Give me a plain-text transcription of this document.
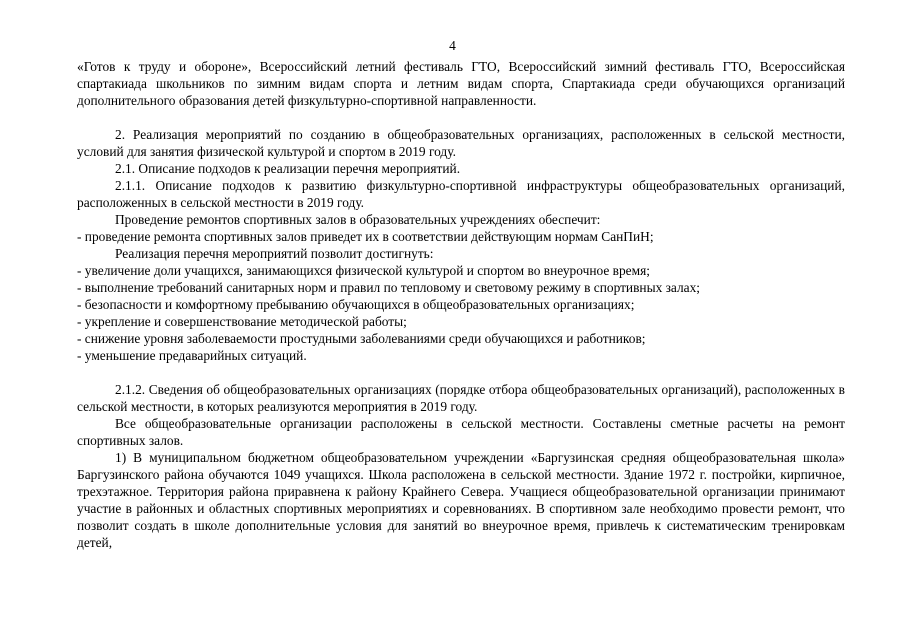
4

«Готов к труду и обороне», Всероссийский летний фестиваль ГТО, Всероссийский зимний фестиваль ГТО, Всероссийская спартакиада школьников по зимним видам спорта и летним видам спорта, Спартакиада среди обучающихся организаций дополнительного образования детей физкультурно-спортивной направленности.

2. Реализация мероприятий по созданию в общеобразовательных организациях, расположенных в сельской местности, условий для занятия физической культурой и спортом в 2019 году.

2.1. Описание подходов к реализации перечня мероприятий.

2.1.1. Описание подходов к развитию физкультурно-спортивной инфраструктуры общеобразовательных организаций, расположенных в сельской местности в 2019 году.

Проведение ремонтов спортивных залов в образовательных учреждениях обеспечит:

- проведение ремонта спортивных залов приведет их в соответствии действующим нормам СанПиН;

Реализация перечня мероприятий позволит достигнуть:

- увеличение доли учащихся, занимающихся физической культурой и спортом во внеурочное время;

- выполнение требований санитарных норм и правил по тепловому и световому режиму в спортивных залах;

- безопасности и комфортному пребыванию обучающихся в общеобразовательных организациях;

- укрепление и совершенствование методической работы;

- снижение уровня заболеваемости простудными заболеваниями среди обучающихся и работников;

- уменьшение предаварийных ситуаций.

2.1.2. Сведения об общеобразовательных организациях (порядке отбора общеобразовательных организаций), расположенных в сельской местности, в которых реализуются мероприятия в 2019 году.

Все общеобразовательные организации расположены в сельской местности. Составлены сметные расчеты на ремонт спортивных залов.

1) В муниципальном бюджетном общеобразовательном учреждении «Баргузинская средняя общеобразовательная школа» Баргузинского района обучаются 1049 учащихся. Школа расположена в сельской местности. Здание 1972 г. постройки, кирпичное, трехэтажное. Территория района приравнена к району Крайнего Севера. Учащиеся общеобразовательной организации принимают участие в районных и областных спортивных мероприятиях и соревнованиях. В спортивном зале необходимо провести ремонт, что позволит создать в школе дополнительные условия для занятий во внеурочное время, привлечь к систематическим тренировкам детей,
